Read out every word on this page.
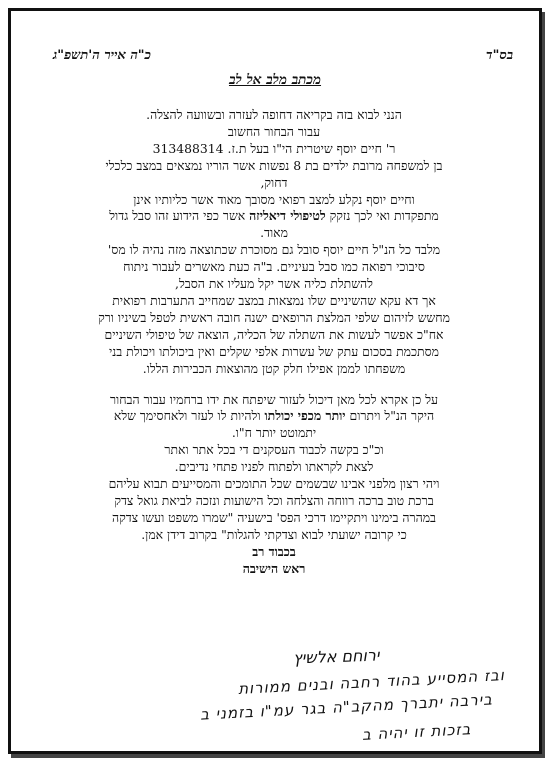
בס"ד
כ"ה אייר ה'תשפ"ג
מכתב מלב אל לב

הנני לבוא בזה בקריאה דחופה לעזרה ובשוועה להצלה.

עבור הבחור החשוב

ר' חיים יוסף שיטרית הי"ו בעל ת.ז. 313488314

בן למשפחה מרובת ילדים בת 8 נפשות אשר הוריו נמצאים במצב כלכלי

דחוק,

וחיים יוסף נקלע למצב רפואי מסובך מאוד אשר כליותיו אינן

מתפקדות ואי לכך נזקק לטיפולי דיאליזה אשר כפי הידוע זהו סבל גדול

מאוד.

מלבד כל הנ"ל חיים יוסף סובל גם מסוכרת שכתוצאה מזה נהיה לו מס'

סיבוכי רפואה כמו סבל בעיניים. ב"ה כעת מאשרים לעבור ניתוח

להשתלת כליה אשר יקל מעליו את הסבל,

אך דא עקא שהשיניים שלו נמצאות במצב שמחייב התערבות רפואית

מחשש לזיהום שלפי המלצת הרופאים ישנה חובה ראשית לטפל בשיניו ורק

אח"כ אפשר לעשות את השתלה של הכליה, הוצאה של טיפולי השיניים

מסתכמת בסכום עתק של עשרות אלפי שקלים ואין ביכולתו ויכולת בני

משפחתו לממן אפילו חלק קטן מהוצאות הכבירות הללו.

על כן אקרא לכל מאן דיכול לעזור שיפתח את ידו ברחמיו עבור הבחור

היקר הנ"ל ויתרום יותר מכפי יכולתו ולהיות לו לעזר ולאחסימך שלא

יתמוטט יותר ח"ו.

וכ"כ בקשה לכבוד העסקנים די בכל אתר ואתר

לצאת לקראתו ולפתוח לפניו פתחי נדיבים.

ויהי רצון מלפני אבינו שבשמים שכל התומכים והמסייעים תבוא עליהם

ברכת טוב ברכה רווחה והצלחה וכל הישועות ונזכה לביאת גואל צדק

במהרה בימינו ויתקיימו דרכי הפס' בישעיה "שמרו משפט ועשו צדקה

כי קרובה ישועתי לבוא וצדקתי להגלות" בקרוב דידן אמן.

בכבוד רב

ראש הישיבה

ירוחם אלשיץ
ובז המסייע בהוד רחבה ובנים ממורות
בירבה יתברך מהקב"ה בגר עמ"ו בזמני ב
בזכות זו יהיה ב
